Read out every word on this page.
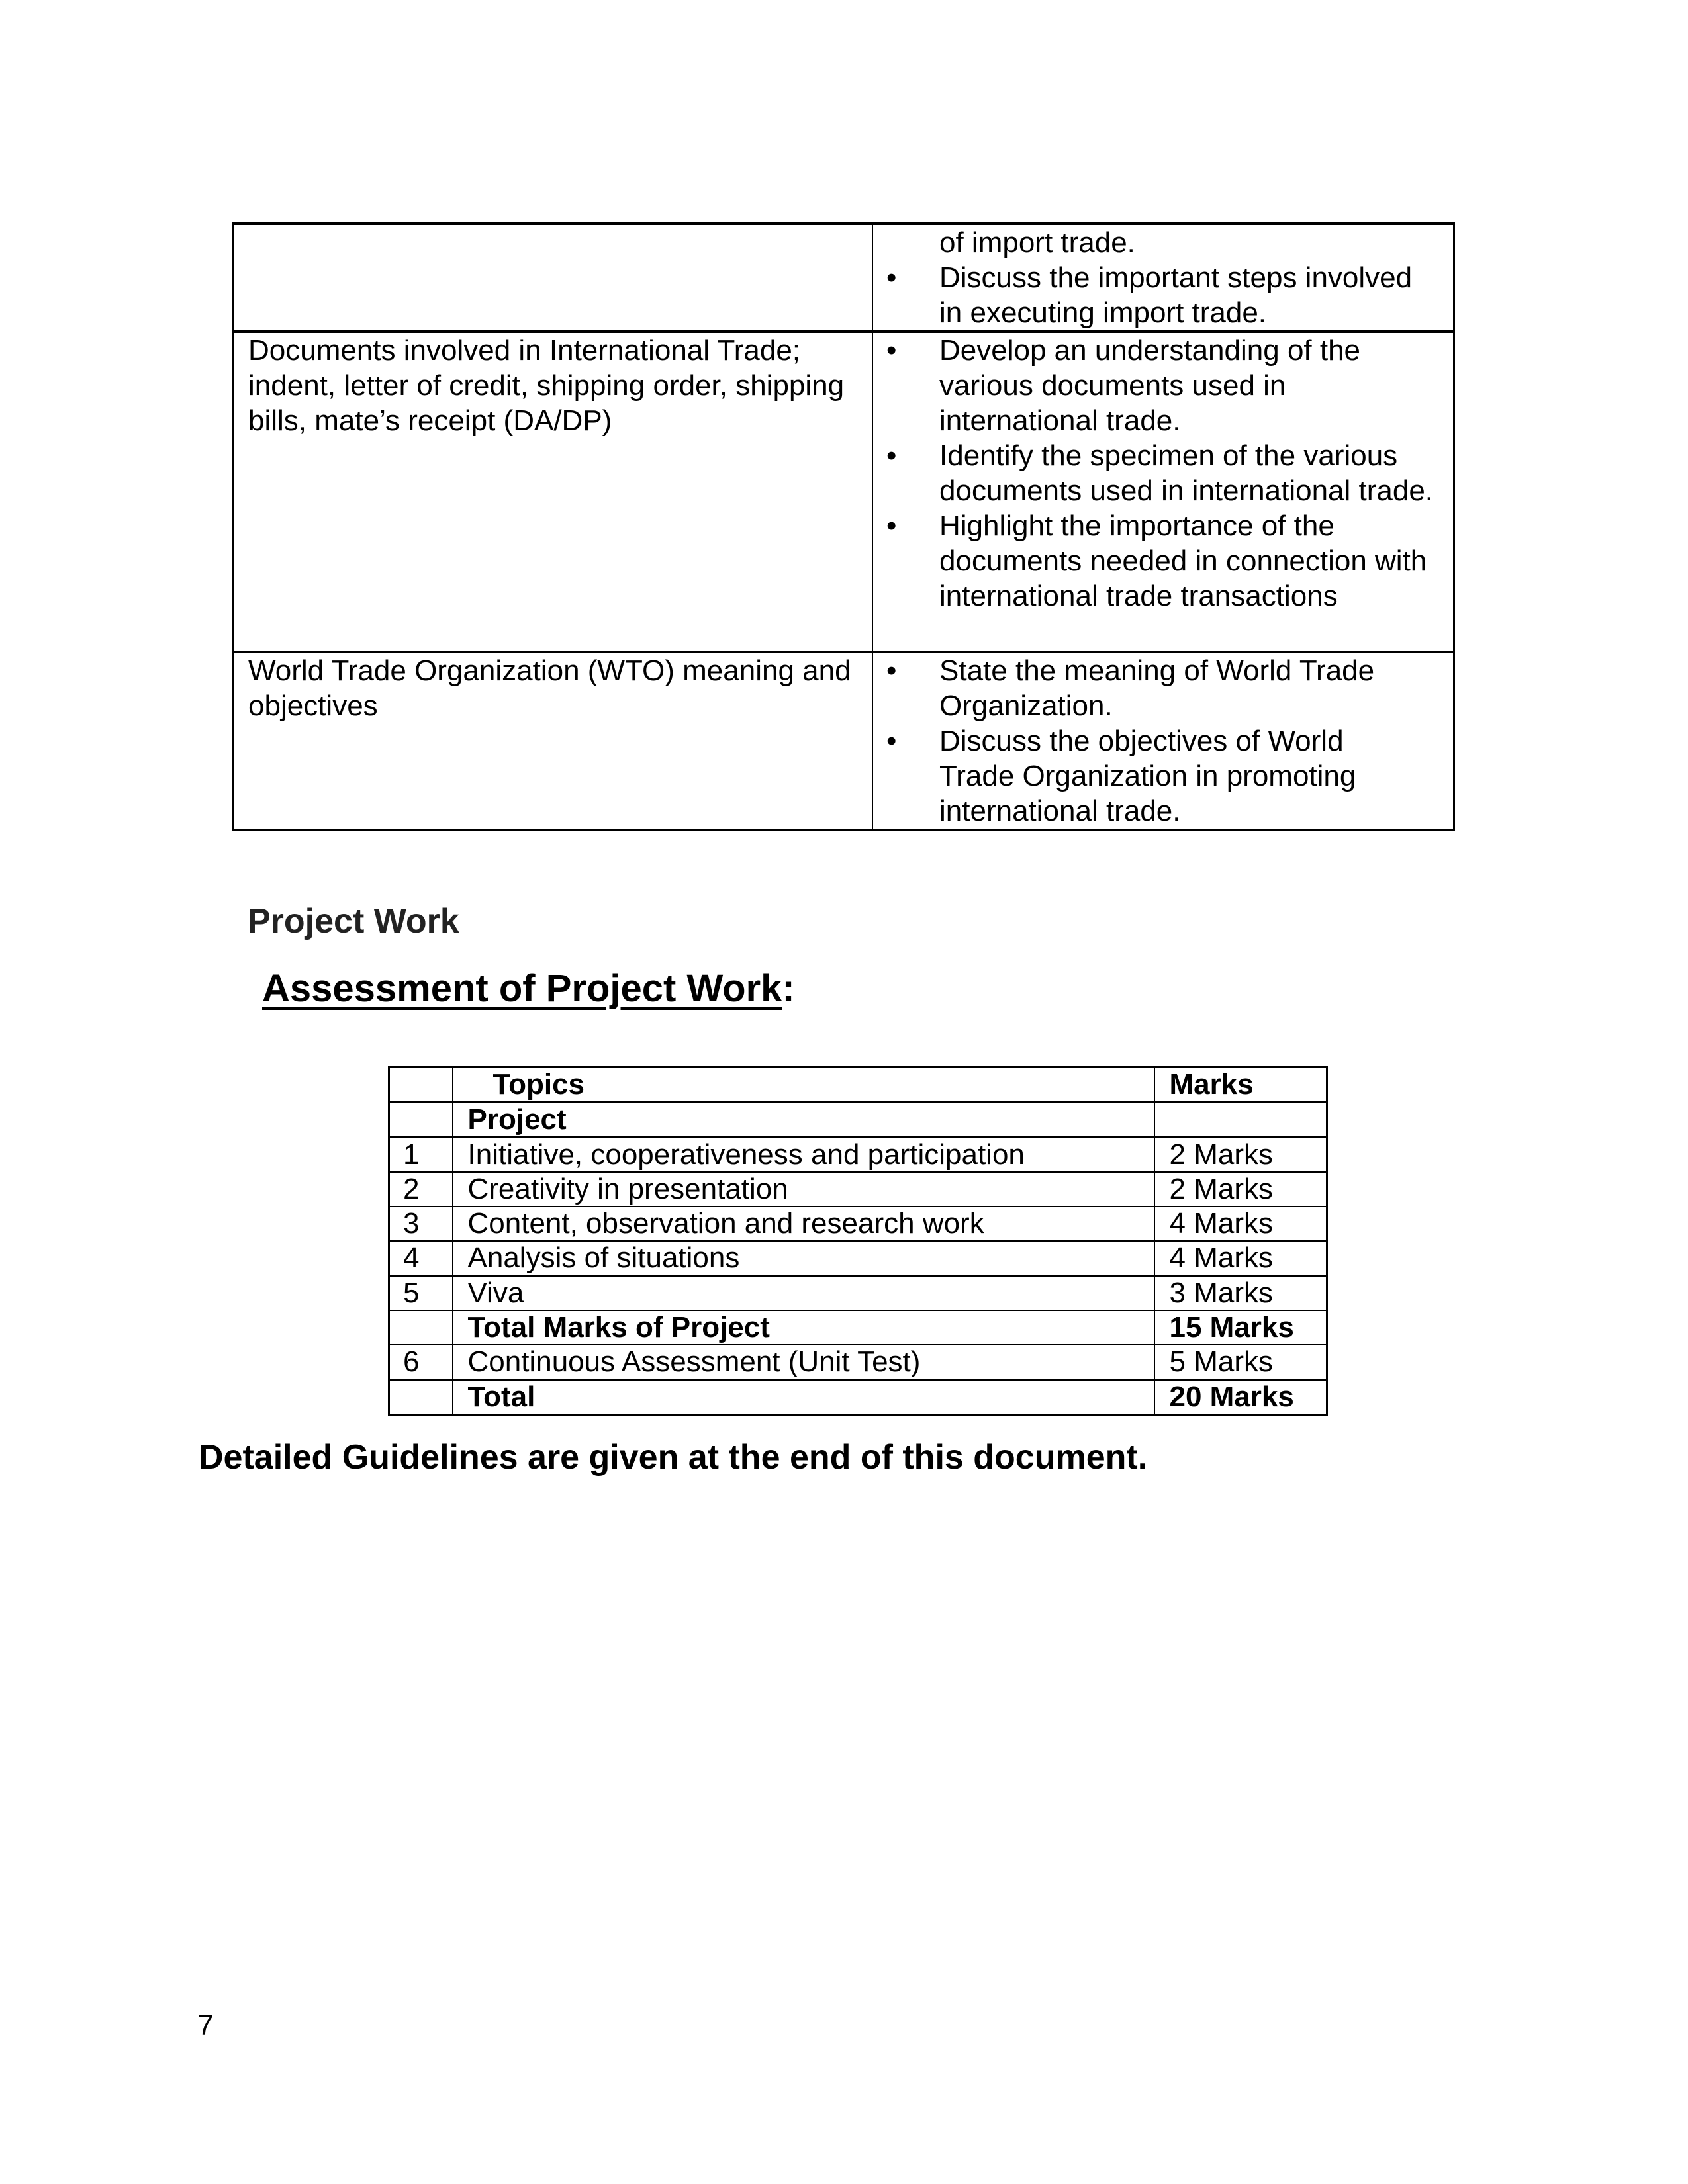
of import trade.
• Discuss the important steps involved in executing import trade.

Documents involved in International Trade; indent, letter of credit, shipping order, shipping bills, mate’s receipt (DA/DP)	
• Develop an understanding of the various documents used in international trade.
• Identify the specimen of the various documents used in international trade.
• Highlight the importance of the documents needed in connection with international trade transactions

World Trade Organization (WTO) meaning and objectives	
• State the meaning of World Trade Organization.
• Discuss the objectives of World Trade Organization in promoting international trade.
Project Work
Assessment of Project Work:
	Topics	Marks
	Project	
1	Initiative, cooperativeness and participation	2 Marks
2	Creativity in presentation	2 Marks
3	Content, observation and research work	4 Marks
4	Analysis of situations	4 Marks
5	Viva	3 Marks
	Total Marks of Project	15 Marks
6	Continuous Assessment (Unit Test)	5 Marks
	Total	20 Marks
Detailed Guidelines are given at the end of this document.
7
